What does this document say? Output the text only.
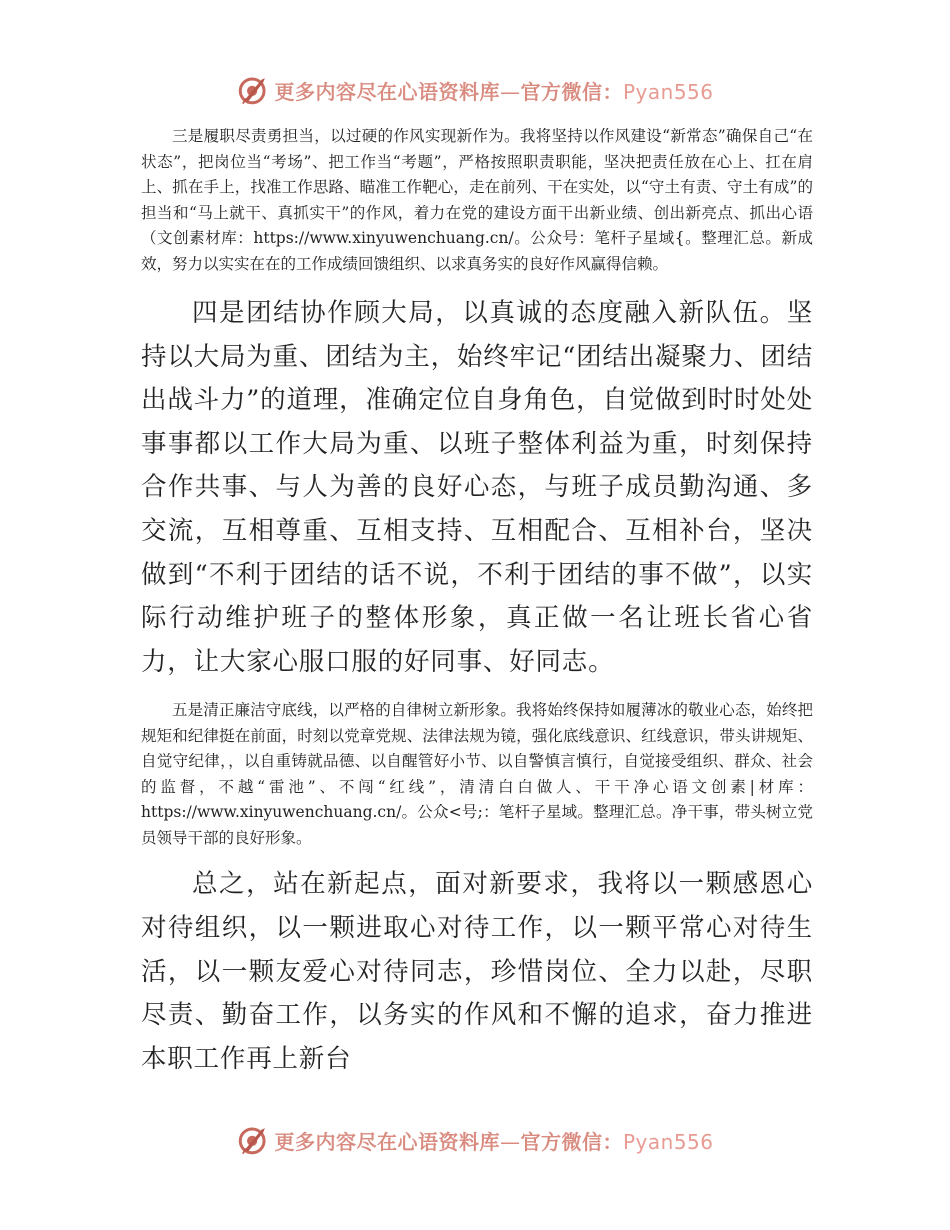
更多内容尽在心语资料库—官方微信：Pyan556

三是履职尽责勇担当，以过硬的作风实现新作为。我将坚持以作风建设“新常态”确保自己“在状态”，把岗位当“考场”、把工作当“考题”，严格按照职责职能，坚决把责任放在心上、扛在肩上、抓在手上，找准工作思路、瞄准工作靶心，走在前列、干在实处，以“守土有责、守土有成”的担当和“马上就干、真抓实干”的作风，着力在党的建设方面干出新业绩、创出新亮点、抓出心语（文创素材库：https://www.xinyuwenchuang.cn/。公众号：笔杆子星域{。整理汇总。新成效，努力以实实在在的工作成绩回馈组织、以求真务实的良好作风赢得信赖。

四是团结协作顾大局，以真诚的态度融入新队伍。坚持以大局为重、团结为主，始终牢记“团结出凝聚力、团结出战斗力”的道理，准确定位自身角色，自觉做到时时处处事事都以工作大局为重、以班子整体利益为重，时刻保持合作共事、与人为善的良好心态，与班子成员勤沟通、多交流，互相尊重、互相支持、互相配合、互相补台，坚决做到“不利于团结的话不说，不利于团结的事不做”，以实际行动维护班子的整体形象，真正做一名让班长省心省力，让大家心服口服的好同事、好同志。

五是清正廉洁守底线，以严格的自律树立新形象。我将始终保持如履薄冰的敬业心态，始终把规矩和纪律挺在前面，时刻以党章党规、法律法规为镜，强化底线意识、红线意识，带头讲规矩、自觉守纪律，，以自重铸就品德、以自醒管好小节、以自警慎言慎行，自觉接受组织、群众、社会的监督，不越“雷池”、不闯“红线”，清清白白做人、干干净心语文创素|材库：https://www.xinyuwenchuang.cn/。公众<号;：笔杆子星域。整理汇总。净干事，带头树立党员领导干部的良好形象。

总之，站在新起点，面对新要求，我将以一颗感恩心对待组织，以一颗进取心对待工作，以一颗平常心对待生活，以一颗友爱心对待同志，珍惜岗位、全力以赴，尽职尽责、勤奋工作，以务实的作风和不懈的追求，奋力推进本职工作再上新台

更多内容尽在心语资料库—官方微信：Pyan556
